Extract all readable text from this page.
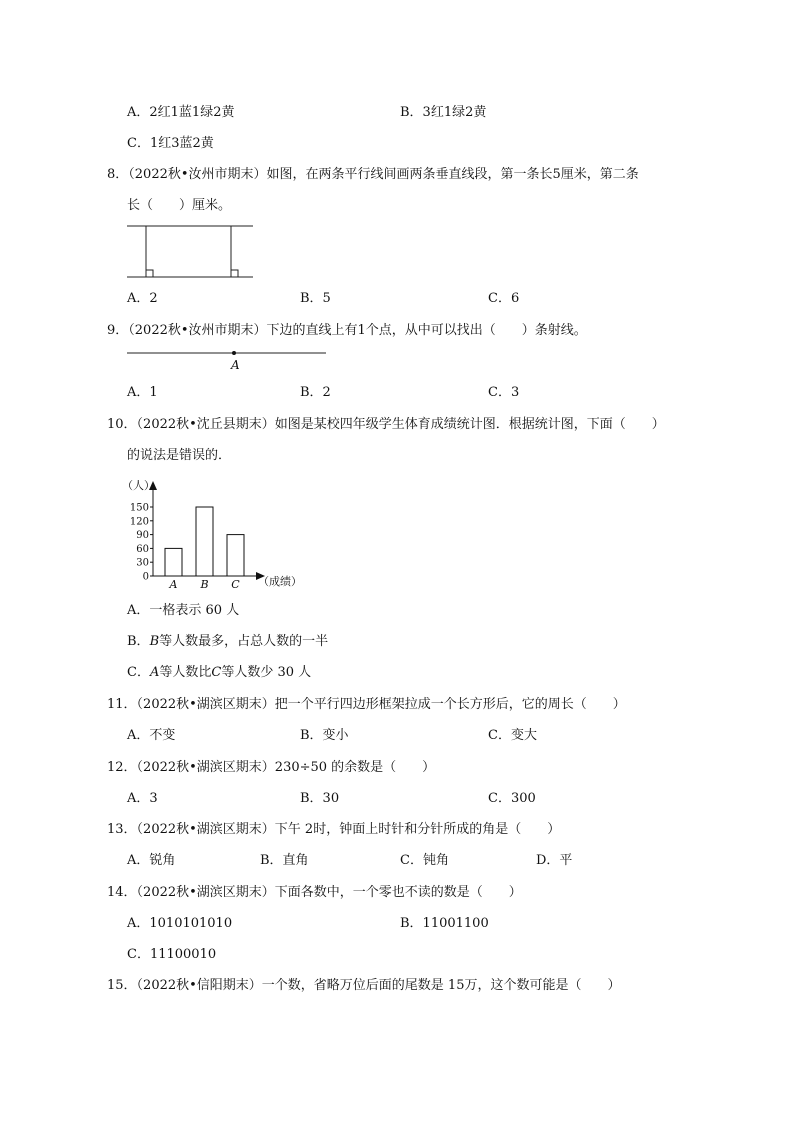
A．2红1蓝1绿2黄	B．3红1绿2黄
C．1红3蓝2黄
8．（2022秋•汝州市期末）如图，在两条平行线间画两条垂直线段，第一条长5厘米，第二条
长（　　）厘米。
A．2	B．5	C．6
9．（2022秋•汝州市期末）下边的直线上有1个点，从中可以找出（　　）条射线。
A
A．1	B．2	C．3
10．（2022秋•沈丘县期末）如图是某校四年级学生体育成绩统计图．根据统计图，下面（　　）
的说法是错误的．
（人）
（成绩）
0
30
60
90
120
150
A B C
A．一格表示 60 人
B．B等人数最多，占总人数的一半
C．A等人数比C等人数少 30 人
11．（2022秋•湖滨区期末）把一个平行四边形框架拉成一个长方形后，它的周长（　　）
A．不变	B．变小	C．变大
12．（2022秋•湖滨区期末）230÷50 的余数是（　　）
A．3	B．30	C．300
13．（2022秋•湖滨区期末）下午 2时，钟面上时针和分针所成的角是（　　）
A．锐角	B．直角	C．钝角	D．平
14．（2022秋•湖滨区期末）下面各数中，一个零也不读的数是（　　）
A．1010101010	B．11001100
C．11100010
15．（2022秋•信阳期末）一个数，省略万位后面的尾数是 15万，这个数可能是（　　）
